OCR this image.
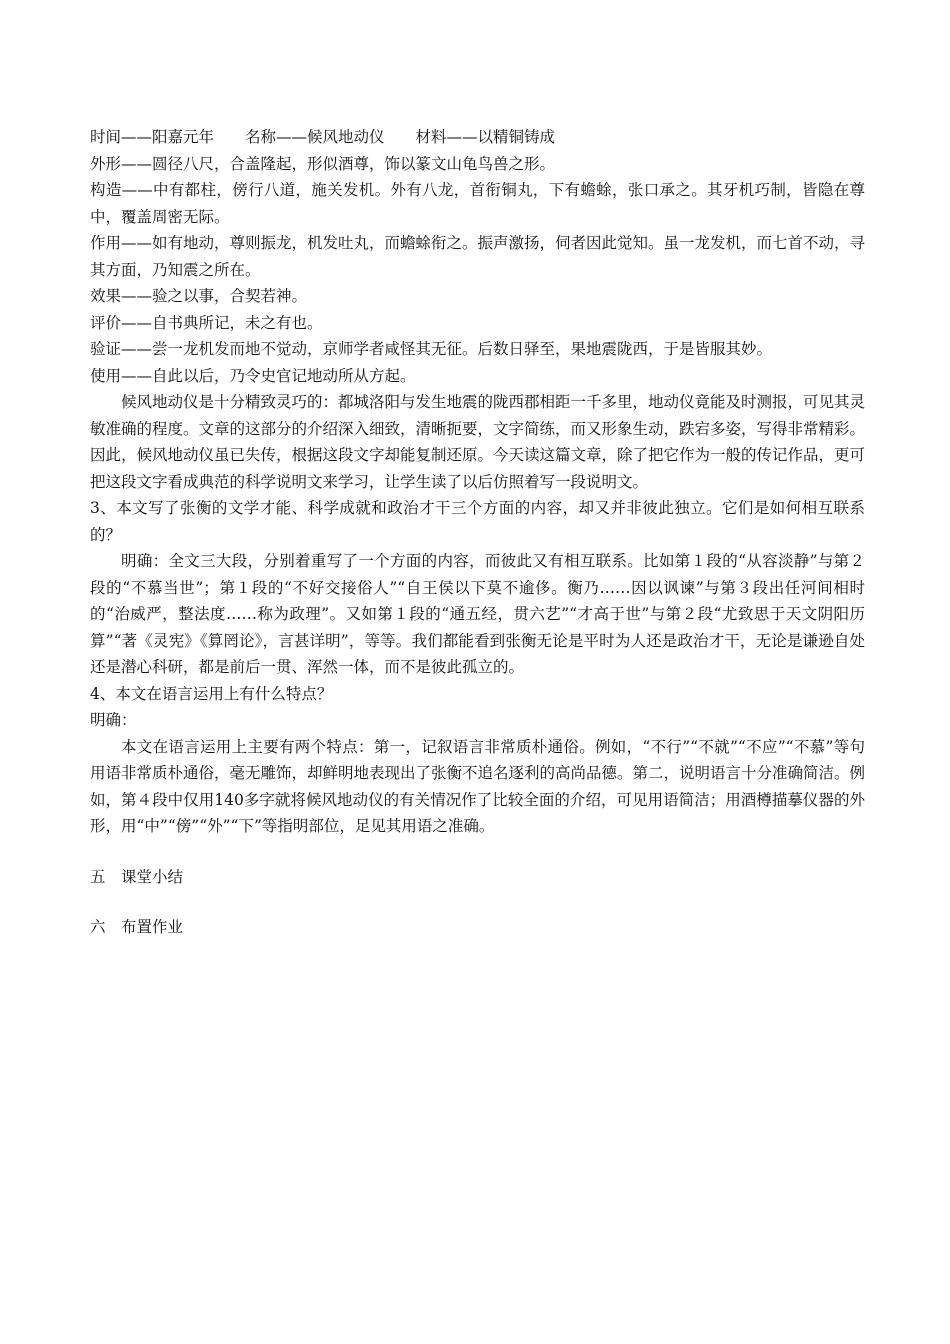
时间——阳嘉元年　　名称——候风地动仪　　材料——以精铜铸成
外形——圆径八尺，合盖隆起，形似酒尊，饰以篆文山龟鸟兽之形。
构造——中有都柱，傍行八道，施关发机。外有八龙，首衔铜丸，下有蟾蜍，张口承之。其牙机巧制，皆隐在尊中，覆盖周密无际。
作用——如有地动，尊则振龙，机发吐丸，而蟾蜍衔之。振声激扬，伺者因此觉知。虽一龙发机，而七首不动，寻其方面，乃知震之所在。
效果——验之以事，合契若神。
评价——自书典所记，未之有也。
验证——尝一龙机发而地不觉动，京师学者咸怪其无征。后数日驿至，果地震陇西，于是皆服其妙。
使用——自此以后，乃令史官记地动所从方起。
候风地动仪是十分精致灵巧的：都城洛阳与发生地震的陇西郡相距一千多里，地动仪竟能及时测报，可见其灵敏准确的程度。文章的这部分的介绍深入细致，清晰扼要，文字简练，而又形象生动，跌宕多姿，写得非常精彩。因此，候风地动仪虽已失传，根据这段文字却能复制还原。今天读这篇文章，除了把它作为一般的传记作品，更可把这段文字看成典范的科学说明文来学习，让学生读了以后仿照着写一段说明文。
3、本文写了张衡的文学才能、科学成就和政治才干三个方面的内容，却又并非彼此独立。它们是如何相互联系的？
明确：全文三大段，分别着重写了一个方面的内容，而彼此又有相互联系。比如第１段的“从容淡静”与第２段的“不慕当世”；第１段的“不好交接俗人”“自王侯以下莫不逾侈。衡乃……因以讽谏”与第３段出任河间相时的“治威严，整法度……称为政理”。又如第１段的“通五经，贯六艺”“才高于世”与第２段“尤致思于天文阴阳历算”“著《灵宪》《算罔论》，言甚详明”，等等。我们都能看到张衡无论是平时为人还是政治才干，无论是谦逊自处还是潜心科研，都是前后一贯、浑然一体，而不是彼此孤立的。
4、本文在语言运用上有什么特点？
明确：
本文在语言运用上主要有两个特点：第一，记叙语言非常质朴通俗。例如，“不行”“不就”“不应”“不慕”等句用语非常质朴通俗，毫无雕饰，却鲜明地表现出了张衡不追名逐利的高尚品德。第二，说明语言十分准确简洁。例如，第４段中仅用140多字就将候风地动仪的有关情况作了比较全面的介绍，可见用语简洁；用酒樽描摹仪器的外形，用“中”“傍”“外”“下”等指明部位，足见其用语之准确。
五　课堂小结
六　布置作业
